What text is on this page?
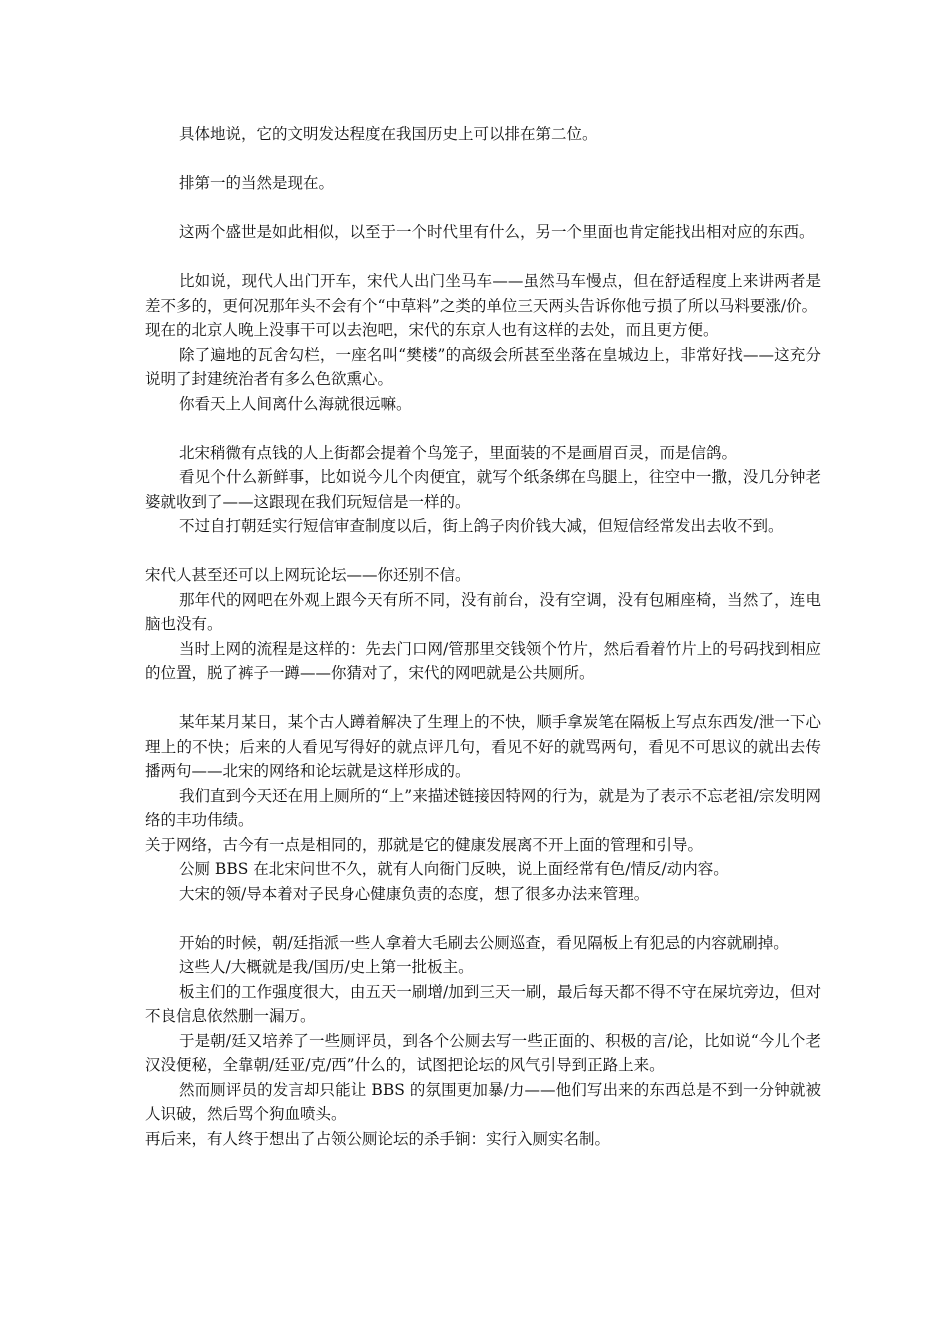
具体地说，它的文明发达程度在我国历史上可以排在第二位。

排第一的当然是现在。

这两个盛世是如此相似，以至于一个时代里有什么，另一个里面也肯定能找出相对应的东西。

比如说，现代人出门开车，宋代人出门坐马车——虽然马车慢点，但在舒适程度上来讲两者是差不多的，更何况那年头不会有个“中草料”之类的单位三天两头告诉你他亏损了所以马料要涨/价。

现在的北京人晚上没事干可以去泡吧，宋代的东京人也有这样的去处，而且更方便。

除了遍地的瓦舍勾栏，一座名叫“樊楼”的高级会所甚至坐落在皇城边上，非常好找——这充分说明了封建统治者有多么色欲熏心。

你看天上人间离什么海就很远嘛。

北宋稍微有点钱的人上街都会提着个鸟笼子，里面装的不是画眉百灵，而是信鸽。

看见个什么新鲜事，比如说今儿个肉便宜，就写个纸条绑在鸟腿上，往空中一撒，没几分钟老婆就收到了——这跟现在我们玩短信是一样的。

不过自打朝廷实行短信审查制度以后，街上鸽子肉价钱大减，但短信经常发出去收不到。

宋代人甚至还可以上网玩论坛——你还别不信。

那年代的网吧在外观上跟今天有所不同，没有前台，没有空调，没有包厢座椅，当然了，连电脑也没有。

当时上网的流程是这样的：先去门口网/管那里交钱领个竹片，然后看着竹片上的号码找到相应的位置，脱了裤子一蹲——你猜对了，宋代的网吧就是公共厕所。

某年某月某日，某个古人蹲着解决了生理上的不快，顺手拿炭笔在隔板上写点东西发/泄一下心理上的不快；后来的人看见写得好的就点评几句，看见不好的就骂两句，看见不可思议的就出去传播两句——北宋的网络和论坛就是这样形成的。

我们直到今天还在用上厕所的“上”来描述链接因特网的行为，就是为了表示不忘老祖/宗发明网络的丰功伟绩。

关于网络，古今有一点是相同的，那就是它的健康发展离不开上面的管理和引导。

公厕 BBS 在北宋问世不久，就有人向衙门反映，说上面经常有色/情反/动内容。

大宋的领/导本着对子民身心健康负责的态度，想了很多办法来管理。

开始的时候，朝/廷指派一些人拿着大毛刷去公厕巡查，看见隔板上有犯忌的内容就刷掉。

这些人/大概就是我/国历/史上第一批板主。

板主们的工作强度很大，由五天一刷增/加到三天一刷，最后每天都不得不守在屎坑旁边，但对不良信息依然删一漏万。

于是朝/廷又培养了一些厕评员，到各个公厕去写一些正面的、积极的言/论，比如说“今儿个老汉没便秘，全靠朝/廷亚/克/西”什么的，试图把论坛的风气引导到正路上来。

然而厕评员的发言却只能让 BBS 的氛围更加暴/力——他们写出来的东西总是不到一分钟就被人识破，然后骂个狗血喷头。

再后来，有人终于想出了占领公厕论坛的杀手锏：实行入厕实名制。
